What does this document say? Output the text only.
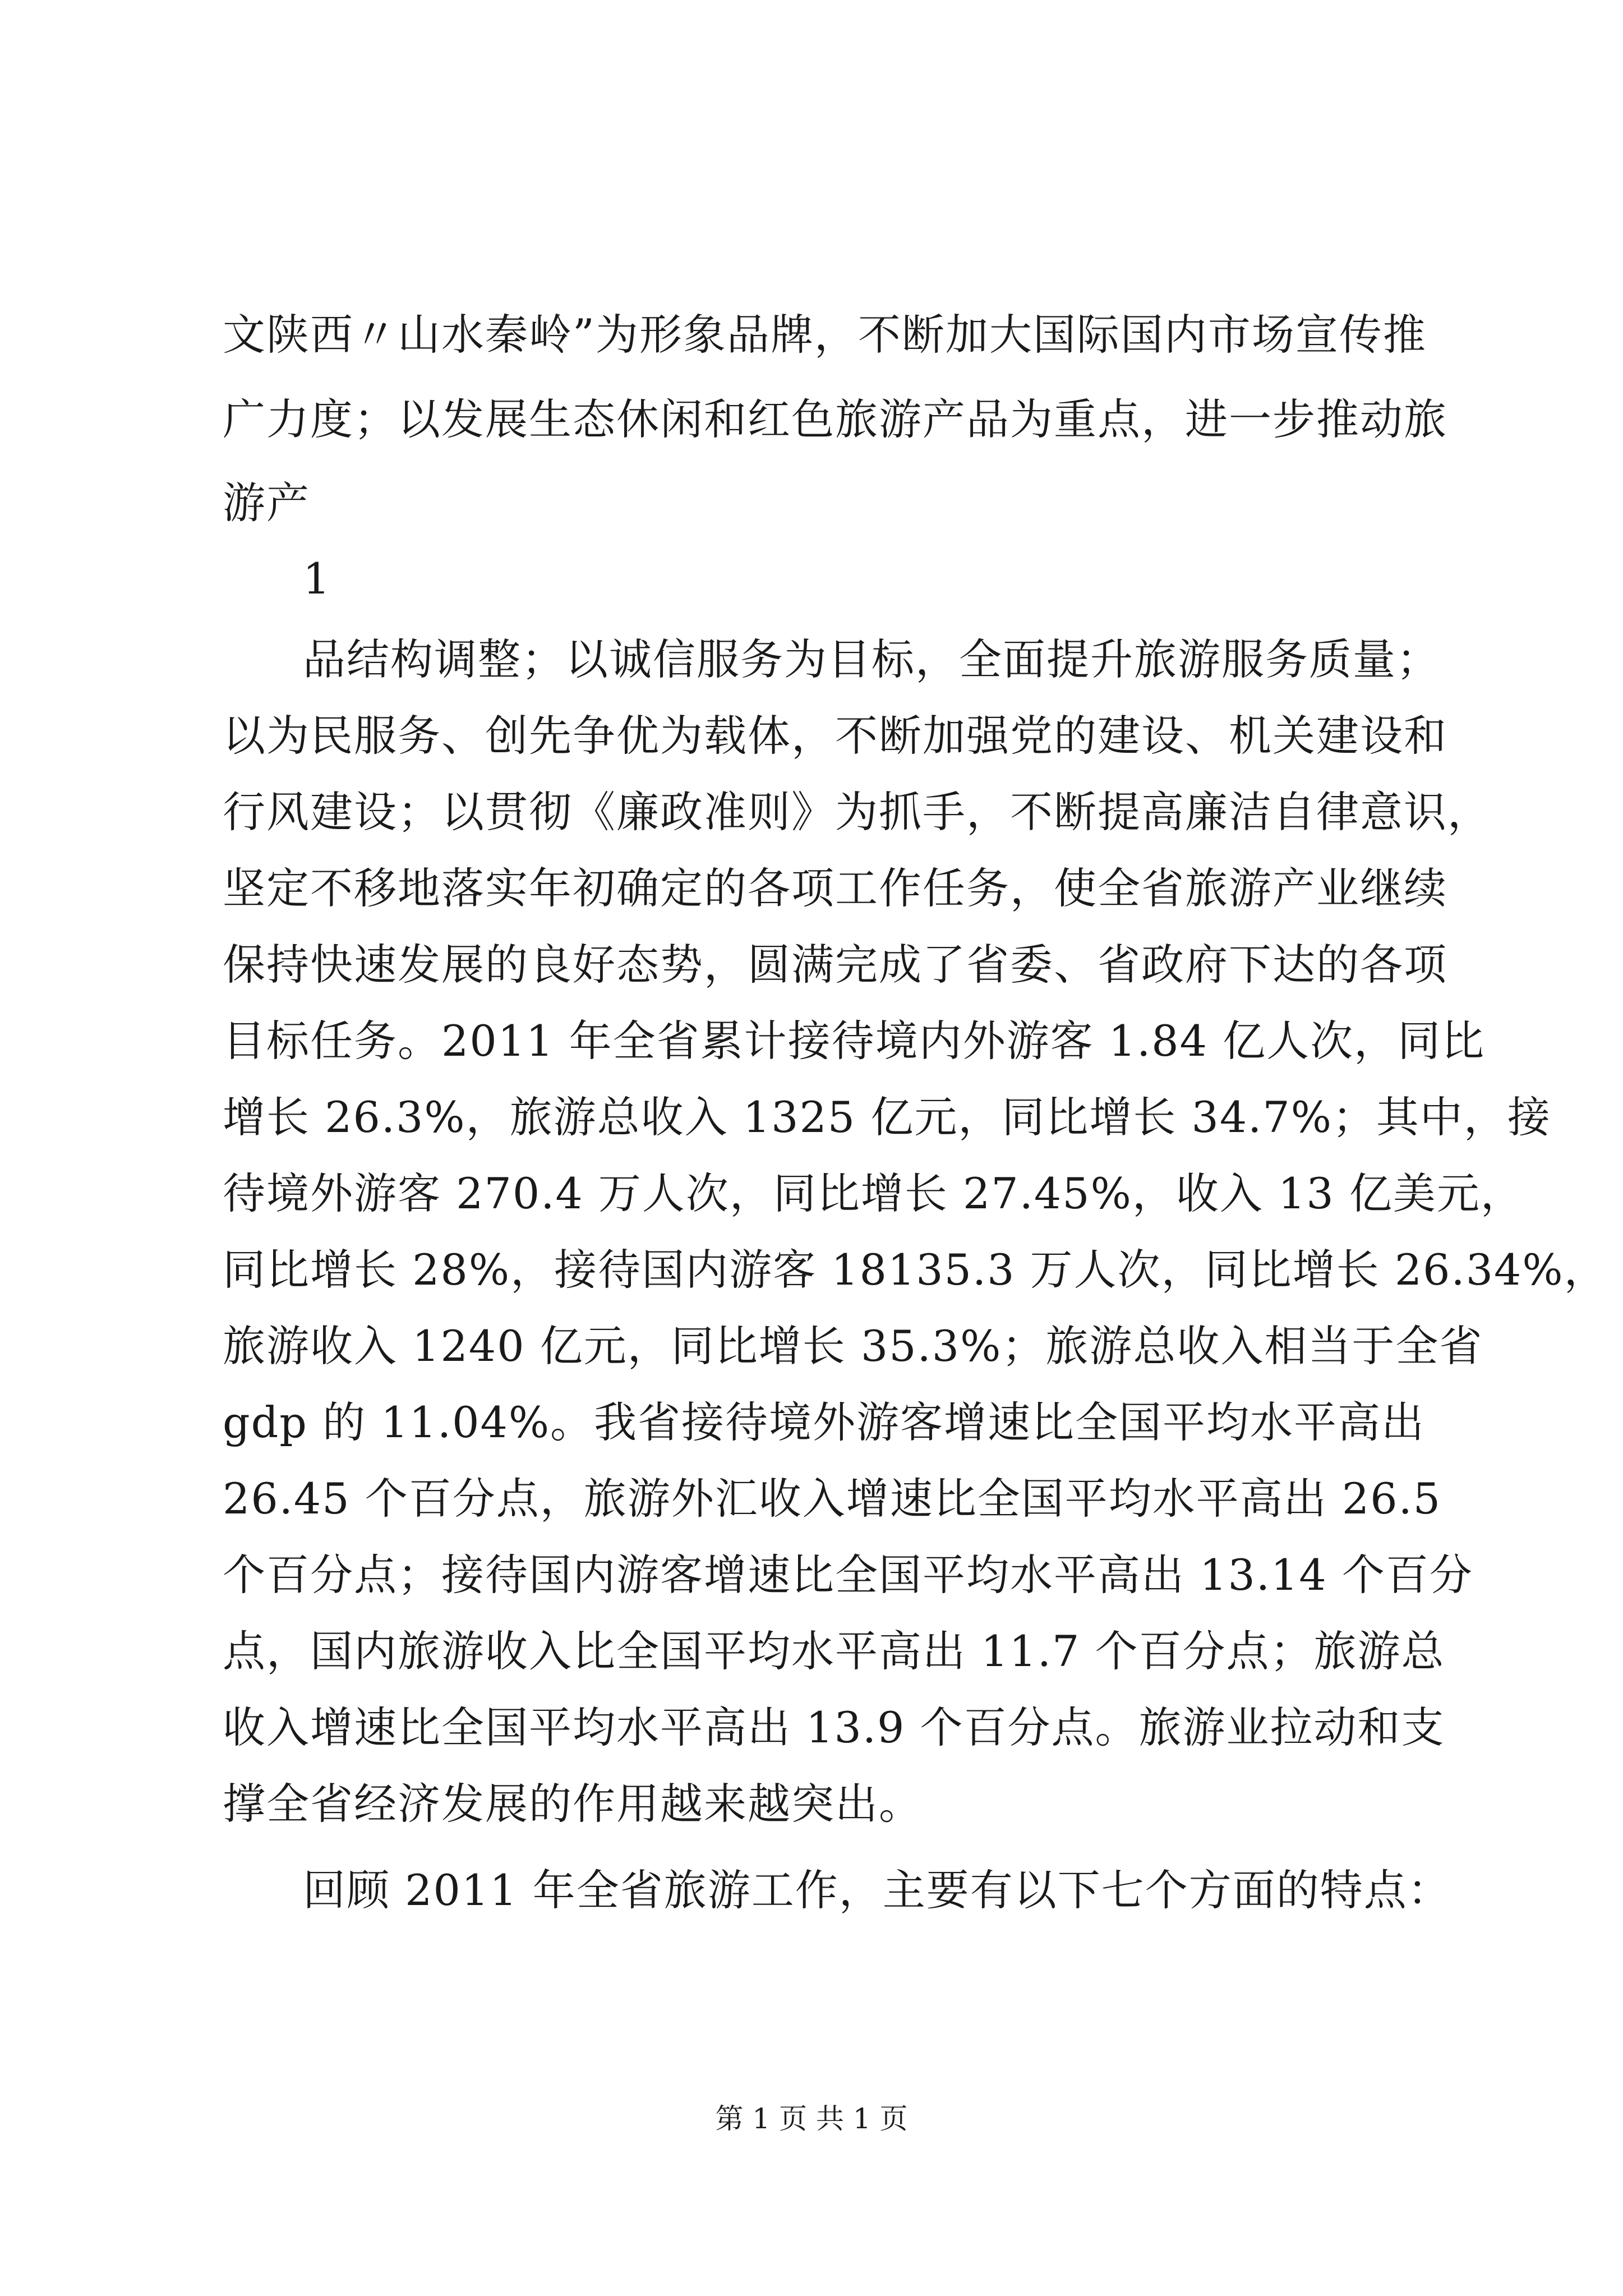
文陕西〃山水秦岭”为形象品牌，不断加大国际国内市场宣传推
广力度；以发展生态休闲和红色旅游产品为重点，进一步推动旅
游产
1
品结构调整；以诚信服务为目标，全面提升旅游服务质量；
以为民服务、创先争优为载体，不断加强党的建设、机关建设和
行风建设；以贯彻《廉政准则》为抓手，不断提高廉洁自律意识，
坚定不移地落实年初确定的各项工作任务，使全省旅游产业继续
保持快速发展的良好态势，圆满完成了省委、省政府下达的各项
目标任务。2011 年全省累计接待境内外游客 1.84 亿人次，同比
增长 26.3%，旅游总收入 1325 亿元，同比增长 34.7%；其中，接
待境外游客 270.4 万人次，同比增长 27.45%，收入 13 亿美元，
同比增长 28%，接待国内游客 18135.3 万人次，同比增长 26.34%，
旅游收入 1240 亿元，同比增长 35.3%；旅游总收入相当于全省
gdp 的 11.04%。我省接待境外游客增速比全国平均水平高出
26.45 个百分点，旅游外汇收入增速比全国平均水平高出 26.5
个百分点；接待国内游客增速比全国平均水平高出 13.14 个百分
点，国内旅游收入比全国平均水平高出 11.7 个百分点；旅游总
收入增速比全国平均水平高出 13.9 个百分点。旅游业拉动和支
撑全省经济发展的作用越来越突出。
回顾 2011 年全省旅游工作，主要有以下七个方面的特点：
第 1 页 共 1 页
